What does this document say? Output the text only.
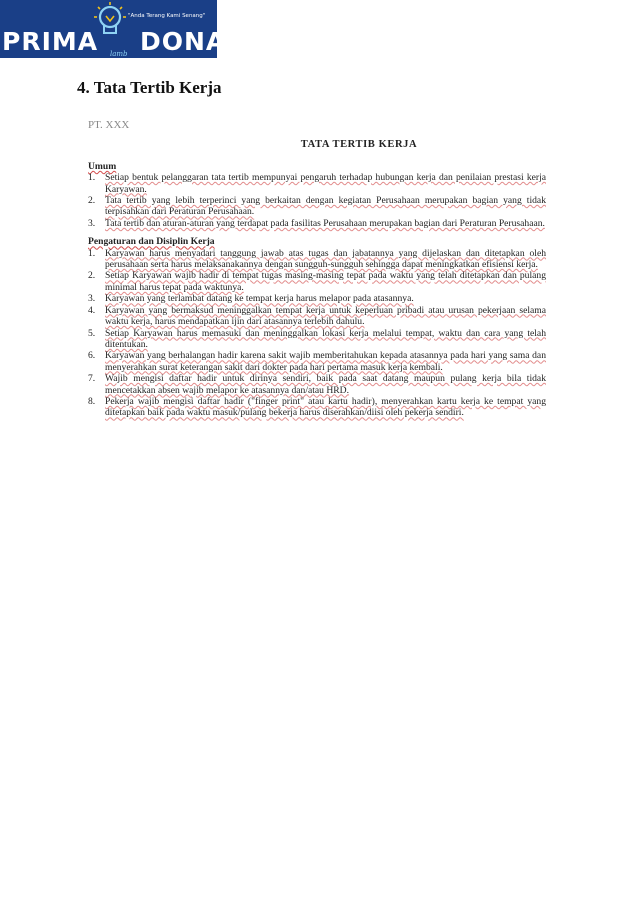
PRIMA DONA
"Anda Terang Kami Senang"
lamb
4. Tata Tertib Kerja
PT. XXX
TATA TERTIB KERJA
Umum
1.	Setiap bentuk pelanggaran tata tertib mempunyai pengaruh terhadap hubungan kerja dan penilaian prestasi kerja Karyawan.
2.	Tata tertib yang lebih terperinci yang berkaitan dengan kegiatan Perusahaan merupakan bagian yang tidak terpisahkan dari Peraturan Perusahaan.
3.	Tata tertib dan aturan-aturan yang terdapat pada fasilitas Perusahaan merupakan bagian dari Peraturan Perusahaan.
Pengaturan dan Disiplin Kerja
1.	Karyawan harus menyadari tanggung jawab atas tugas dan jabatannya yang dijelaskan dan ditetapkan oleh perusahaan serta harus melaksanakannya dengan sungguh-sungguh sehingga dapat meningkatkan efisiensi kerja.
2.	Setiap Karyawan wajib hadir di tempat tugas masing-masing tepat pada waktu yang telah ditetapkan dan pulang minimal harus tepat pada waktunya.
3.	Karyawan yang terlambat datang ke tempat kerja harus melapor pada atasannya.
4.	Karyawan yang bermaksud meninggalkan tempat kerja untuk keperluan pribadi atau urusan pekerjaan selama waktu kerja, harus mendapatkan ijin dari atasannya terlebih dahulu.
5.	Setiap Karyawan harus memasuki dan meninggalkan lokasi kerja melalui tempat, waktu dan cara yang telah ditentukan.
6.	Karyawan yang berhalangan hadir karena sakit wajib memberitahukan kepada atasannya pada hari yang sama dan menyerahkan surat keterangan sakit dari dokter pada hari pertama masuk kerja kembali.
7.	Wajib mengisi daftar hadir untuk dirinya sendiri, baik pada saat datang maupun pulang kerja bila tidak mencetakkan absen wajib melapor ke atasannya dan/atau HRD.
8.	Pekerja wajib mengisi daftar hadir ("finger print" atau kartu hadir), menyerahkan kartu kerja ke tempat yang ditetapkan baik pada waktu masuk/pulang bekerja harus diserahkan/diisi oleh pekerja sendiri.
